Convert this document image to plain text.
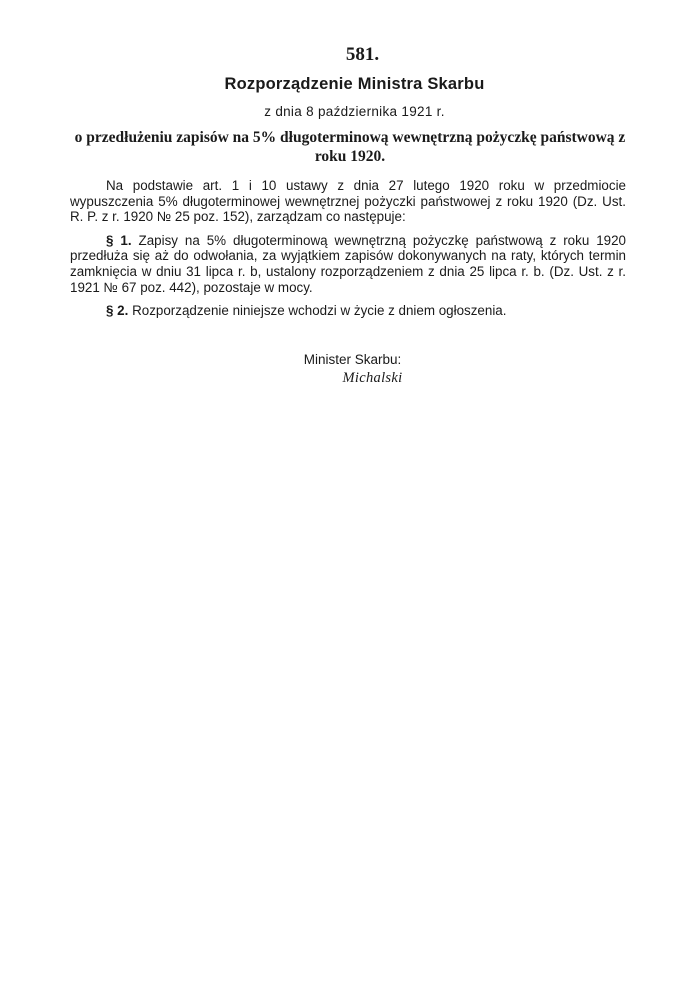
581.
Rozporządzenie Ministra Skarbu
z dnia 8 października 1921 r.
o przedłużeniu zapisów na 5% długoterminową wewnętrzną pożyczkę państwową z roku 1920.

Na podstawie art. 1 i 10 ustawy z dnia 27 lutego 1920 roku w przedmiocie wypuszczenia 5% długoterminowej wewnętrznej pożyczki państwowej z roku 1920 (Dz. Ust. R. P. z r. 1920 № 25 poz. 152), zarządzam co następuje:

§ 1. Zapisy na 5% długoterminową wewnętrzną pożyczkę państwową z roku 1920 przedłuża się aż do odwołania, za wyjątkiem zapisów dokonywanych na raty, których termin zamknięcia w dniu 31 lipca r. b, ustalony rozporządzeniem z dnia 25 lipca r. b. (Dz. Ust. z r. 1921 № 67 poz. 442), pozostaje w mocy.

§ 2. Rozporządzenie niniejsze wchodzi w życie z dniem ogłoszenia.

Minister Skarbu:
Michalski
